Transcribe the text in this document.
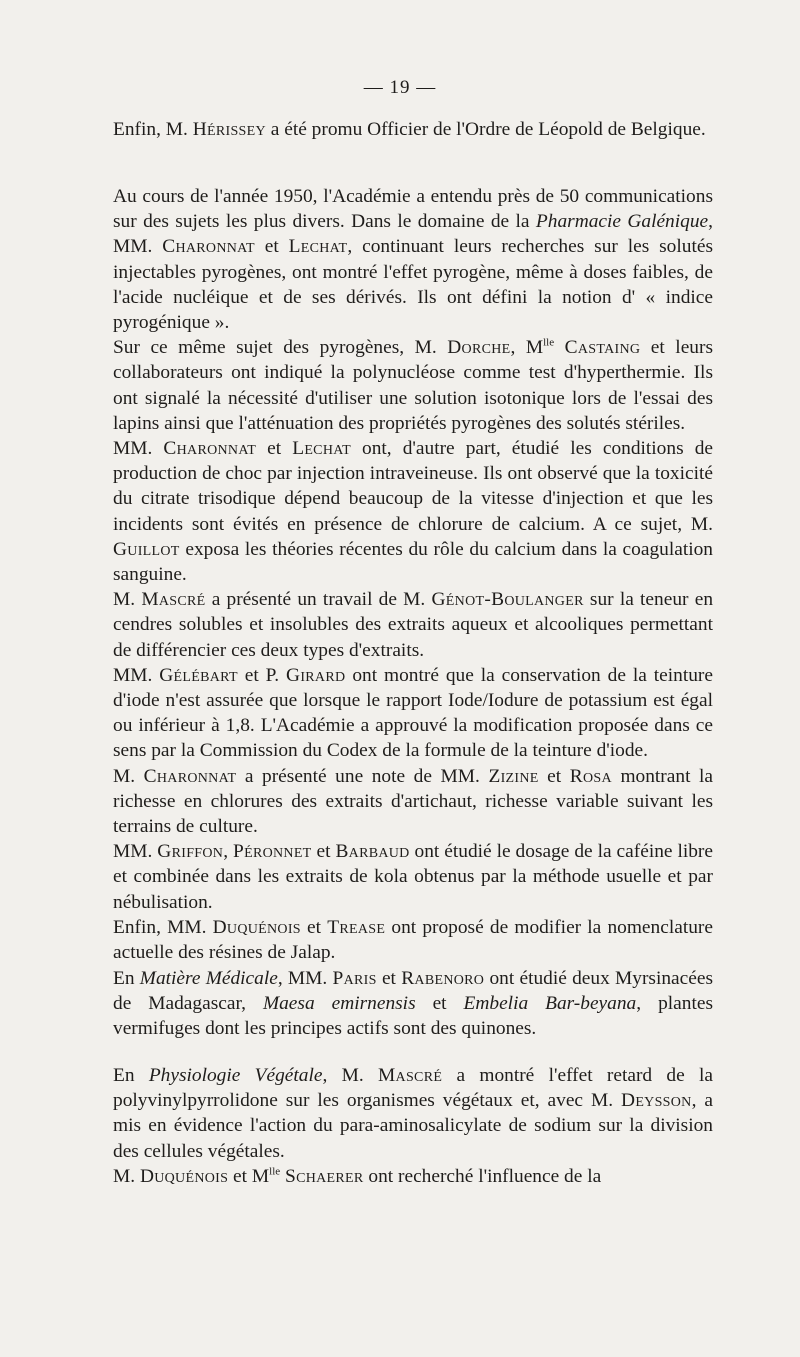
— 19 —

Enfin, M. Hérissey a été promu Officier de l'Ordre de Léopold de Belgique.

Au cours de l'année 1950, l'Académie a entendu près de 50 communications sur des sujets les plus divers. Dans le domaine de la Pharmacie Galénique, MM. Charonnat et Lechat, continuant leurs recherches sur les solutés injectables pyrogènes, ont montré l'effet pyrogène, même à doses faibles, de l'acide nucléique et de ses dérivés. Ils ont défini la notion d' « indice pyrogénique ».

Sur ce même sujet des pyrogènes, M. Dorche, $M^{lle}$ Castaing et leurs collaborateurs ont indiqué la polynucléose comme test d'hyperthermie. Ils ont signalé la nécessité d'utiliser une solution isotonique lors de l'essai des lapins ainsi que l'atténuation des propriétés pyrogènes des solutés stériles.

MM. Charonnat et Lechat ont, d'autre part, étudié les conditions de production de choc par injection intraveineuse. Ils ont observé que la toxicité du citrate trisodique dépend beaucoup de la vitesse d'injection et que les incidents sont évités en présence de chlorure de calcium. A ce sujet, M. Guillot exposa les théories récentes du rôle du calcium dans la coagulation sanguine.

M. Mascré a présenté un travail de M. Génot-Boulanger sur la teneur en cendres solubles et insolubles des extraits aqueux et alcooliques permettant de différencier ces deux types d'extraits.

MM. Gélébart et P. Girard ont montré que la conservation de la teinture d'iode n'est assurée que lorsque le rapport Iode/Iodure de potassium est égal ou inférieur à 1,8. L'Académie a approuvé la modification proposée dans ce sens par la Commission du Codex de la formule de la teinture d'iode.

M. Charonnat a présenté une note de MM. Zizine et Rosa montrant la richesse en chlorures des extraits d'artichaut, richesse variable suivant les terrains de culture.

MM. Griffon, Péronnet et Barbaud ont étudié le dosage de la caféine libre et combinée dans les extraits de kola obtenus par la méthode usuelle et par nébulisation.

Enfin, MM. Duquénois et Trease ont proposé de modifier la nomenclature actuelle des résines de Jalap.

En Matière Médicale, MM. Paris et Rabenoro ont étudié deux Myrsinacées de Madagascar, Maesa emirnensis et Embelia Bar-beyana, plantes vermifuges dont les principes actifs sont des quinones.

En Physiologie Végétale, M. Mascré a montré l'effet retard de la polyvinylpyrrolidone sur les organismes végétaux et, avec M. Deysson, a mis en évidence l'action du para-aminosalicylate de sodium sur la division des cellules végétales.

M. Duquénois et $M^{lle}$ Schaerer ont recherché l'influence de la
